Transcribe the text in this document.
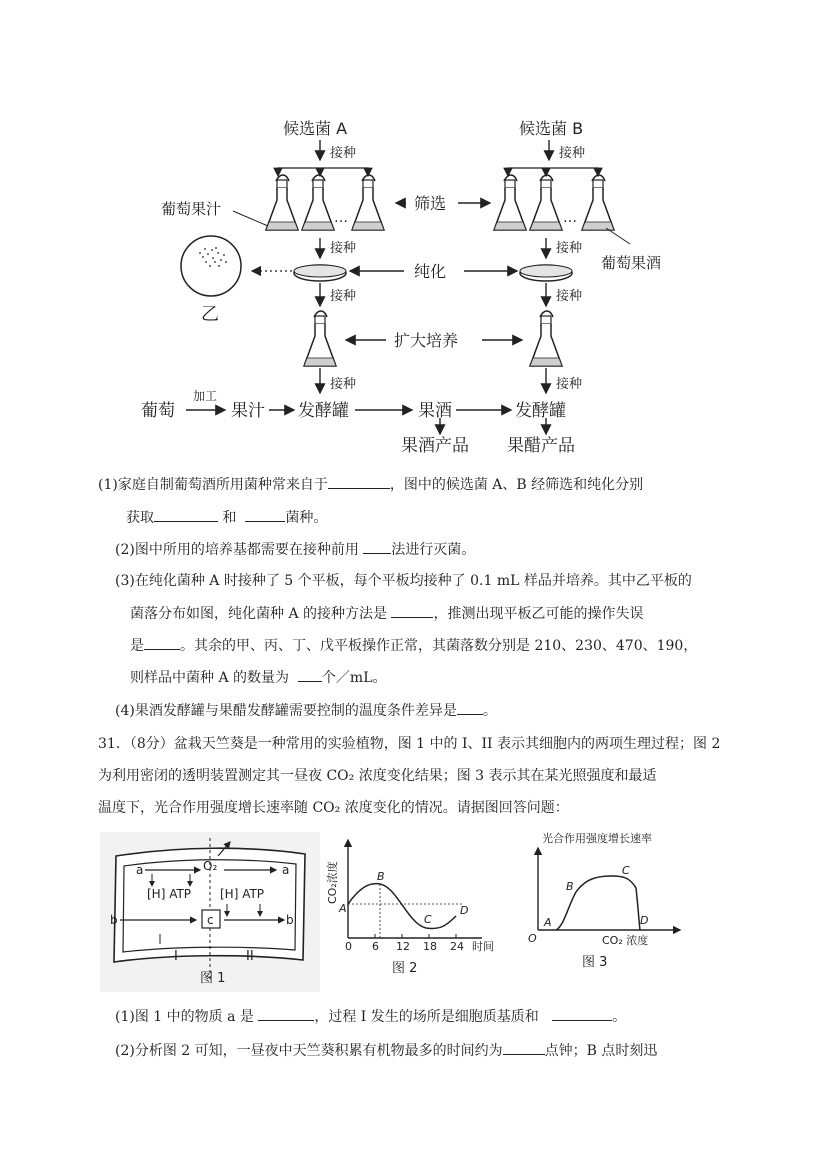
候选菌 A
接种
…
葡萄果汁
候选菌 B
接种
…
葡萄果酒
筛选
接种	接种
纯化
乙
接种	接种
扩大培养
接种	接种
葡萄
加工
果汁 发酵罐	果酒	发酵罐
果酒产品 果醋产品
(1)家庭自制葡萄酒所用菌种常来自于	，图中的候选菌 A、B 经筛选和纯化分别
获取	和	菌种。
(2)图中所用的培养基都需要在接种前用 法进行灭菌。
(3)在纯化菌种 A 时接种了 5 个平板，每个平板均接种了 0.1 mL 样品并培养。其中乙平板的
菌落分布如图，纯化菌种 A 的接种方法是	，推测出现平板乙可能的操作失误
是	。其余的甲、丙、丁、戊平板操作正常，其菌落数分别是 210、230、470、190，
则样品中菌种 A 的数量为 个／mL。
(4)果酒发酵罐与果醋发酵罐需要控制的温度条件差异是 。
31．（8分）盆栽天竺葵是一种常用的实验植物，图 1 中的 I、II 表示其细胞内的两项生理过程；图 2
为利用密闭的透明装置测定其一昼夜 CO₂ 浓度变化结果；图 3 表示其在某光照强度和最适
温度下，光合作用强度增长速率随 CO₂ 浓度变化的情况。请据图回答问题：
O₂
a	a
[H] ATP [H] ATP
b	c	b
I	II
图 1
CO₂浓度
0 6 12 18 24 时间
A
B
C
D
图 2
光合作用强度增长速率
O	CO₂ 浓度
A
B
C
D
图 3
(1)图 1 中的物质 a 是	，过程 I 发生的场所是细胞质基质和	。
(2)分析图 2 可知，一昼夜中天竺葵积累有机物最多的时间约为	点钟；B 点时刻迅
